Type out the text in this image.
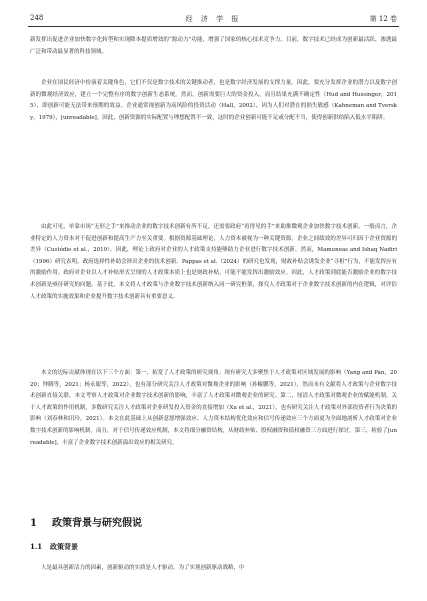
248	经 济 学 报	第 12 卷

新发挥出促进企业加快数字化转型和实现降本提质增效的“源动力”功能，增强了国家的核心技术竞争力。目前，数字技术已经成为创新最活跃、渗透最广泛和带动最显著的科技领域。

企业在国民经济中扮演着关键角色，它们不仅是数字技术的关键推动者，也是数字经济发展的支撑力量。因此，要充分发挥企业的潜力以及数字创新的微观经济效应，建立一个完整有序的数字创新生态系统。然而，创新需要巨大的资金投入，而且结果充满不确定性（Hud and Hussinger，2015），即创新可能无法带来预期的效益。企业通常视创新为高风险的投资活动（Hall，2002），因为人们对潜在的损失敏感（Kahneman and Tversky，1979），[unreadable]。因此，创新资源的实际配置与理想配置不一致，这时的企业创新可能不足或分配不当，使得创新供给陷入低水平陷阱。

由此可见，单靠市场“无形之手”来推动企业的数字技术创新有所不足，还需要政府“看得见的手”来助推微观企业加快数字技术创新。一般而言，企业特定的人力资本对于促进创新和提高生产力至关重要。根据资源基础理论，人力资本被视为一种关键资源，企业之间绩效的差异可归因于企业资源的差异（Custódio et al.，2019）。因此，理论上政府对企业的人才政策支持能够助力企业进行数字技术创新。然而，Mamuneas and Ishaq Nadiri（1996）研究表明，政府选择性补助会挤出企业的技术创新。Pappas et al.（2024）的研究也发现，财政补贴会诱发企业“寻租”行为，不能发挥应有的激励作用。政府对企业以人才补贴形式呈现的人才政策本质上也是财政补贴，可能不能发挥出激励效应。因此，人才政策到底能否激励企业的数字技术创新是亟待研究的问题。基于此，本文将人才政策与企业数字技术创新纳入同一研究框架，探究人才政策对于企业数字技术创新的内在逻辑，对评估人才政策的实施效果和企业提升数字技术创新具有重要意义。

本文的边际贡献体现在以下三个方面：第一，拓宽了人才政策的研究视角。现有研究大多聚焦于人才政策对区域发展的影响（Yang and Pan，2020；钟腾等，2021；杨永聪等，2022），也有部分研究关注人才政策对微观企业的影响（孙鲲鹏等，2021），然而未有文献将人才政策与企业数字技术创新直接关联。本文考察人才政策对企业数字技术创新的影响，丰富了人才政策对微观企业的研究。第二，厘清人才政策对微观企业的赋能机制。关于人才政策的作用机制，多数研究关注人才政策对企业研发投入资金的直接增加（Xu et al.，2021），也有研究关注人才政策对外部投资者行为决策的影响（刘春林和田玲，2021）。本文在此基础上从创新意愿增强效应、人力资本结构优化效应和信号传递效应三个方面更为全面地剖析人才政策对企业数字技术创新的影响机制。而且，对于信号传递效应机制，本文将细分融资结构，从财政补贴、股权融资和债权融资三方面进行探讨。第三，检验了[unreadable]，丰富了企业数字技术创新溢出效应的相关研究。

1 政策背景与研究假说
1.1 政策背景

人是最具创新活力的因素，创新驱动的实质是人才驱动。为了实现创新驱动战略，中
